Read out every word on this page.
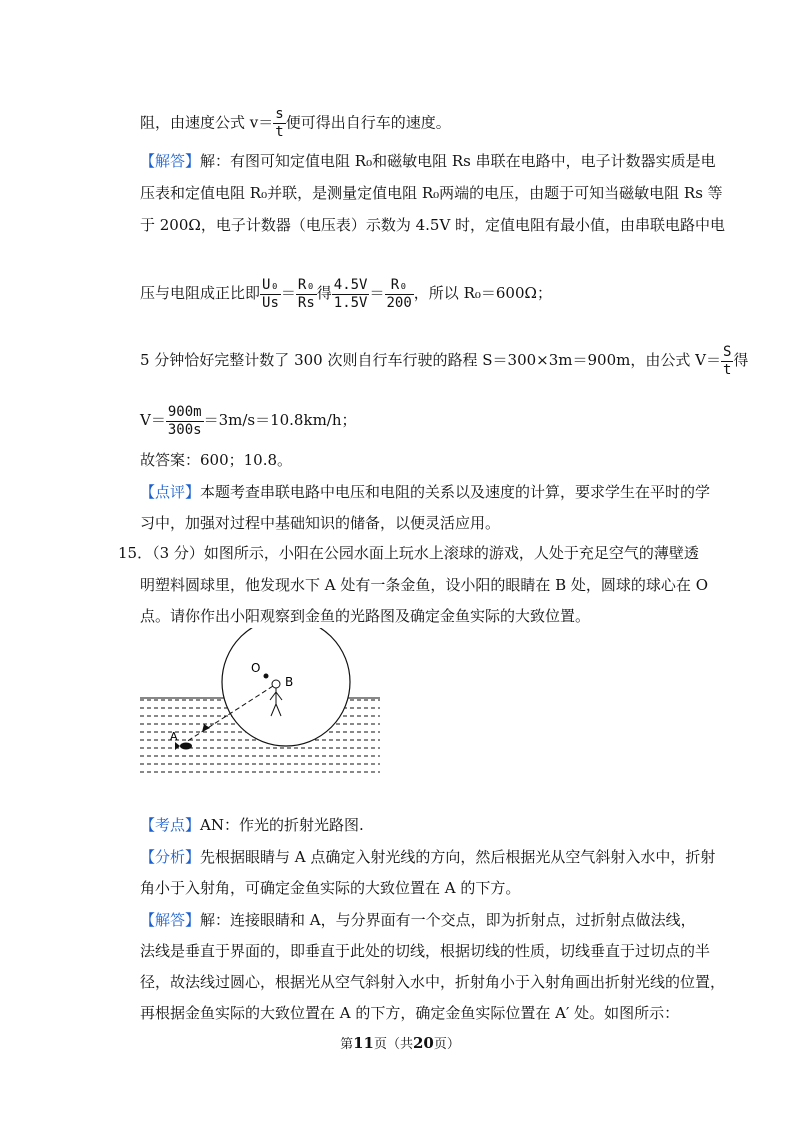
阻，由速度公式 $v= \frac{s}{t}$ 便可得出自行车的速度。
【解答】解：有图可知定值电阻 R₀和磁敏电阻 Rs 串联在电路中，电子计数器实质是电
压表和定值电阻 R₀并联，是测量定值电阻 R₀两端的电压，由题于可知当磁敏电阻 Rs 等
于 200Ω，电子计数器（电压表）示数为 4.5V 时，定值电阻有最小值，由串联电路中电
压与电阻成正比即 $\frac{\text{U₀}}{Us} = \frac{\text{R₀}}{Rs}$ 得 $\frac{4.5V}{1.5V} = \frac{\text{R₀}}{200}$ ，所以 R₀＝600Ω；
5 分钟恰好完整计数了 300 次则自行车行驶的路程 S＝300×3m＝900m，由公式 $V= \frac{S}{t}$ 得
$V= \frac{900m}{300s} =3m/s=10.8km/h$；
故答案：600；10.8。
【点评】本题考查串联电路中电压和电阻的关系以及速度的计算，要求学生在平时的学
习中，加强对过程中基础知识的储备，以便灵活应用。
15．（3 分）如图所示，小阳在公园水面上玩水上滚球的游戏，人处于充足空气的薄壁透
明塑料圆球里，他发现水下 A 处有一条金鱼，设小阳的眼睛在 B 处，圆球的球心在 O
点。请你作出小阳观察到金鱼的光路图及确定金鱼实际的大致位置。
O
B
A
【考点】AN：作光的折射光路图.
【分析】先根据眼睛与 A 点确定入射光线的方向，然后根据光从空气斜射入水中，折射
角小于入射角，可确定金鱼实际的大致位置在 A 的下方。
【解答】解：连接眼睛和 A，与分界面有一个交点，即为折射点，过折射点做法线，
法线是垂直于界面的，即垂直于此处的切线，根据切线的性质，切线垂直于过切点的半
径，故法线过圆心，根据光从空气斜射入水中，折射角小于入射角画出折射光线的位置，
再根据金鱼实际的大致位置在 A 的下方，确定金鱼实际位置在 A′ 处。如图所示：
第11页（共20页）
